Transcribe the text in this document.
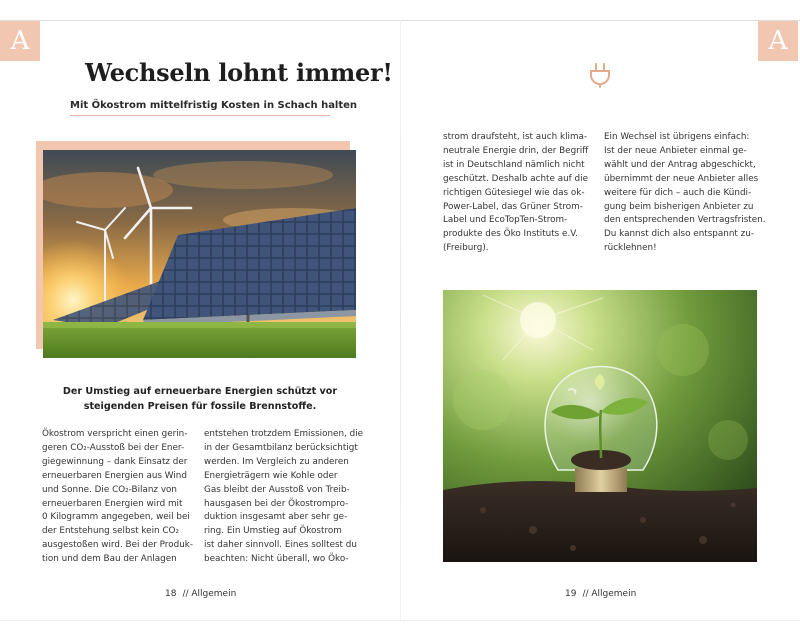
A
Wechseln lohnt immer!
Mit Ökostrom mittelfristig Kosten in Schach halten
Der Umstieg auf erneuerbare Energien schützt vor
steigenden Preisen für fossile Brennstoffe.
Ökostrom verspricht einen gerin-
geren CO₂-Ausstoß bei der Ener-
giegewinnung – dank Einsatz der
erneuerbaren Energien aus Wind
und Sonne. Die CO₂-Bilanz von
erneuerbaren Energien wird mit
0 Kilogramm angegeben, weil bei
der Entstehung selbst kein CO₂
ausgestoßen wird. Bei der Produk-
tion und dem Bau der Anlagen
entstehen trotzdem Emissionen, die
in der Gesamtbilanz berücksichtigt
werden. Im Vergleich zu anderen
Energieträgern wie Kohle oder
Gas bleibt der Ausstoß von Treib-
hausgasen bei der Ökostrompro-
duktion insgesamt aber sehr ge-
ring. Ein Umstieg auf Ökostrom
ist daher sinnvoll. Eines solltest du
beachten: Nicht überall, wo Öko-
18 // Allgemein
A
strom draufsteht, ist auch klima-
neutrale Energie drin, der Begriff
ist in Deutschland nämlich nicht
geschützt. Deshalb achte auf die
richtigen Gütesiegel wie das ok-
Power-Label, das Grüner Strom-
Label und EcoTopTen-Strom-
produkte des Öko Instituts e.V.
(Freiburg).
Ein Wechsel ist übrigens einfach:
Ist der neue Anbieter einmal ge-
wählt und der Antrag abgeschickt,
übernimmt der neue Anbieter alles
weitere für dich – auch die Kündi-
gung beim bisherigen Anbieter zu
den entsprechenden Vertragsfristen.
Du kannst dich also entspannt zu-
rücklehnen!
19 // Allgemein
